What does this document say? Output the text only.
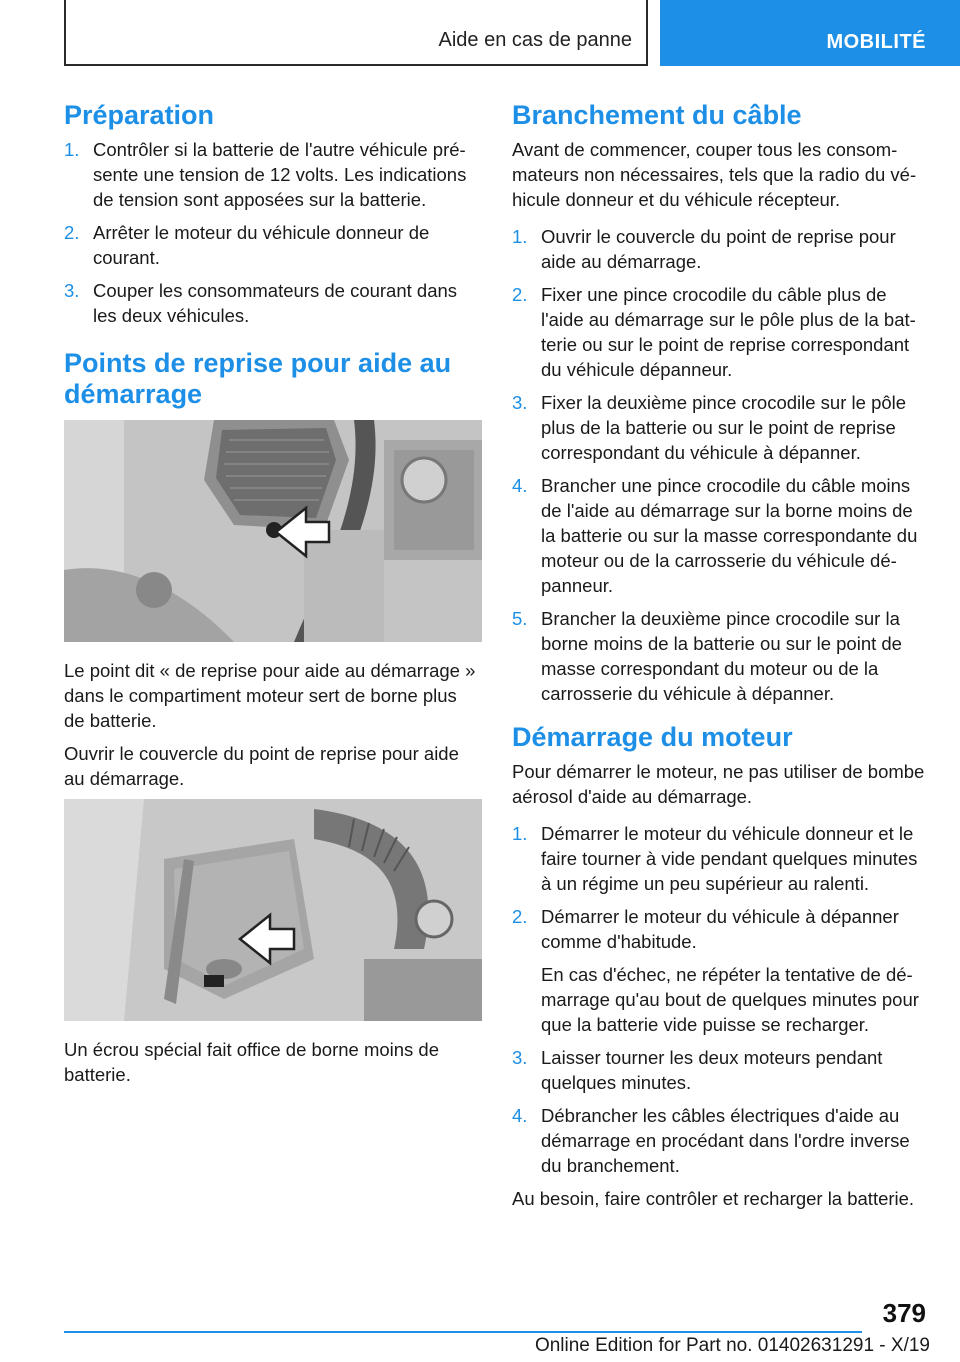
Aide en cas de panne	MOBILITÉ
Préparation
1. Contrôler si la batterie de l'autre véhicule présente une tension de 12 volts. Les indications de tension sont apposées sur la batterie.
2. Arrêter le moteur du véhicule donneur de courant.
3. Couper les consommateurs de courant dans les deux véhicules.
Points de reprise pour aide au démarrage

Le point dit « de reprise pour aide au démarrage » dans le compartiment moteur sert de borne plus de batterie.

Ouvrir le couvercle du point de reprise pour aide au démarrage.

Un écrou spécial fait office de borne moins de batterie.

Branchement du câble

Avant de commencer, couper tous les consommateurs non nécessaires, tels que la radio du véhicule donneur et du véhicule récepteur.

1. Ouvrir le couvercle du point de reprise pour aide au démarrage.
2. Fixer une pince crocodile du câble plus de l'aide au démarrage sur le pôle plus de la batterie ou sur le point de reprise correspondant du véhicule dépanneur.
3. Fixer la deuxième pince crocodile sur le pôle plus de la batterie ou sur le point de reprise correspondant du véhicule à dépanner.
4. Brancher une pince crocodile du câble moins de l'aide au démarrage sur la borne moins de la batterie ou sur la masse correspondante du moteur ou de la carrosserie du véhicule dépanneur.
5. Brancher la deuxième pince crocodile sur la borne moins de la batterie ou sur le point de masse correspondant du moteur ou de la carrosserie du véhicule à dépanner.
Démarrage du moteur

Pour démarrer le moteur, ne pas utiliser de bombe aérosol d'aide au démarrage.

1. Démarrer le moteur du véhicule donneur et le faire tourner à vide pendant quelques minutes à un régime un peu supérieur au ralenti.
2. Démarrer le moteur du véhicule à dépanner comme d'habitude.
En cas d'échec, ne répéter la tentative de démarrage qu'au bout de quelques minutes pour que la batterie vide puisse se recharger.
3. Laisser tourner les deux moteurs pendant quelques minutes.
4. Débrancher les câbles électriques d'aide au démarrage en procédant dans l'ordre inverse du branchement.

Au besoin, faire contrôler et recharger la batterie.

379
Online Edition for Part no. 01402631291 - X/19
